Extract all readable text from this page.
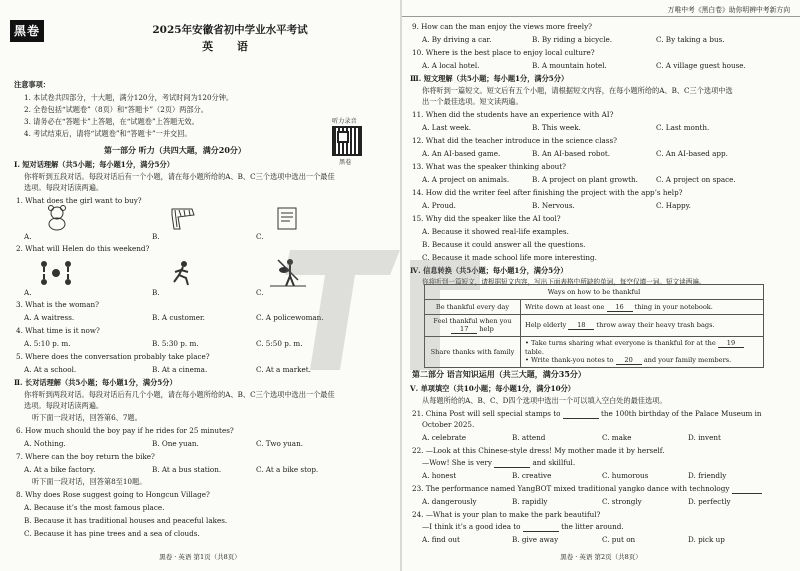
黑卷	2025年安徽省初中学业水平考试
英 语
注意事项：
1. 本试卷共四部分，十大题，满分120分，考试时间为120分钟。
2. 全卷包括“试题卷”（8页）和“答题卡”（2页）两部分。
3. 请务必在“答题卡”上答题，在“试题卷”上答题无效。
4. 考试结束后，请将“试题卷”和“答题卡”一并交回。
听力录音
黑卷
第一部分 听力（共四大题，满分20分）
Ⅰ. 短对话理解（共5小题；每小题1分，满分5分）
你将听到五段对话。每段对话后有一个小题，请在每小题所给的A、B、C三个选项中选出一个最佳
选项。每段对话读两遍。
1. What does the girl want to buy?
A.	B.	C.
2. What will Helen do this weekend?
A.	B.	C.
3. What is the woman?
A. A waitress.	B. A customer.	C. A policewoman.
4. What time is it now?
A. 5:10 p. m.	B. 5:30 p. m.	C. 5:50 p. m.
5. Where does the conversation probably take place?
A. At a school.	B. At a cinema.	C. At a market.
Ⅱ. 长对话理解（共5小题；每小题1分，满分5分）
你将听到两段对话。每段对话后有几个小题，请在每小题所给的A、B、C三个选项中选出一个最佳
选项。每段对话读两遍。
听下面一段对话，回答第6、7题。
6. How much should the boy pay if he rides for 25 minutes?
A. Nothing.	B. One yuan.	C. Two yuan.
7. Where can the boy return the bike?
A. At a bike factory.	B. At a bus station.	C. At a bike stop.
听下面一段对话，回答第8至10题。
8. Why does Rose suggest going to Hongcun Village?
A. Because it’s the most famous place.
B. Because it has traditional houses and peaceful lakes.
C. Because it has pine trees and a sea of clouds.
黑卷 · 英语 第1页（共8页）
万唯中考《黑白卷》助你明辨中考新方向
9. How can the man enjoy the views more freely?
A. By driving a car.	B. By riding a bicycle.	C. By taking a bus.
10. Where is the best place to enjoy local culture?
A. A local hotel.	B. A mountain hotel.	C. A village guest house.
Ⅲ. 短文理解（共5小题；每小题1分，满分5分）
你将听到一篇短文。短文后有五个小题，请根据短文内容，在每小题所给的A、B、C三个选项中选
出一个最佳选项。短文读两遍。
11. When did the students have an experience with AI?
A. Last week.	B. This week.	C. Last month.
12. What did the teacher introduce in the science class?
A. An AI-based game.	B. An AI-based robot.	C. An AI-based app.
13. What was the speaker thinking about?
A. A project on animals.	B. A project on plant growth.	C. A project on space.
14. How did the writer feel after finishing the project with the app’s help?
A. Proud.	B. Nervous.	C. Happy.
15. Why did the speaker like the AI tool?
A. Because it showed real-life examples.
B. Because it could answer all the questions.
C. Because it made school life more interesting.
Ⅳ. 信息转换（共5小题；每小题1分，满分5分）
你将听到一篇短文，请根据短文内容，写出下面表格中所缺的单词，每空仅填一词。短文读两遍。
第二部分 语言知识运用（共三大题，满分35分）
Ⅴ. 单项填空（共10小题；每小题1分，满分10分）
从每题所给的A、B、C、D四个选项中选出一个可以填入空白处的最佳选项。
21. China Post will sell special stamps to	the 100th birthday of the Palace Museum in
October 2025.
A. celebrate	B. attend	C. make	D. invent
22. —Look at this Chinese-style dress! My mother made it by herself.
—Wow! She is very	and skillful.
A. honest	B. creative	C. humorous	D. friendly
23. The performance named YangBOT mixed traditional yangko dance with technology
A. dangerously	B. rapidly	C. strongly	D. perfectly
24. —What is your plan to make the park beautiful?
—I think it’s a good idea to	the litter around.
A. find out	B. give away	C. put on	D. pick up
黑卷 · 英语 第2页（共8页）
Ways on how to be thankful	
Be thankful every day	Write down at least one 16 thing in your notebook.

Feel thankful when you
17 help	Help elderly 18 throw away their heavy trash bags.
Share thanks with family	• Take turns sharing what everyone is thankful for at the 19 table.
• Write thank-you notes to 20 and your family members.
